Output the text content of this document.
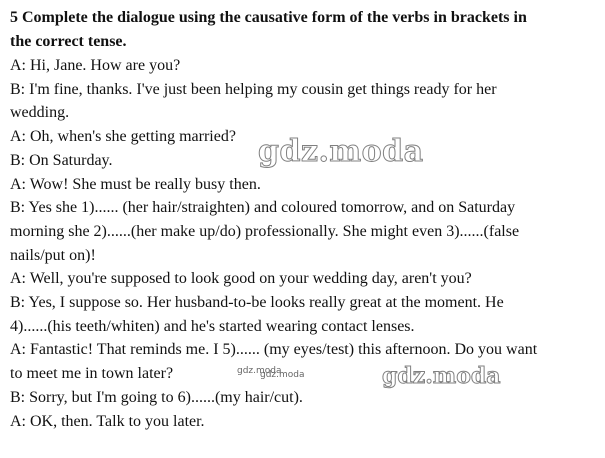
5 Complete the dialogue using the causative form of the verbs in brackets in

the correct tense.

A: Hi, Jane. How are you?

B: I'm fine, thanks. I've just been helping my cousin get things ready for her

wedding.

A: Oh, when's she getting married?

B: On Saturday.

A: Wow! She must be really busy then.

B: Yes she 1)...... (her hair/straighten) and coloured tomorrow, and on Saturday

morning she 2)......(her make up/do) professionally. She might even 3)......(false

nails/put on)!

A: Well, you're supposed to look good on your wedding day, aren't you?

B: Yes, I suppose so. Her husband-to-be looks really great at the moment. He

4)......(his teeth/whiten) and he's started wearing contact lenses.

A: Fantastic! That reminds me. I 5)...... (my eyes/test) this afternoon. Do you want

to meet me in town later?

B: Sorry, but I'm going to 6)......(my hair/cut).

A: OK, then. Talk to you later.

gdz.moda
gdz.moda
gdz.moda
gdz.moda
